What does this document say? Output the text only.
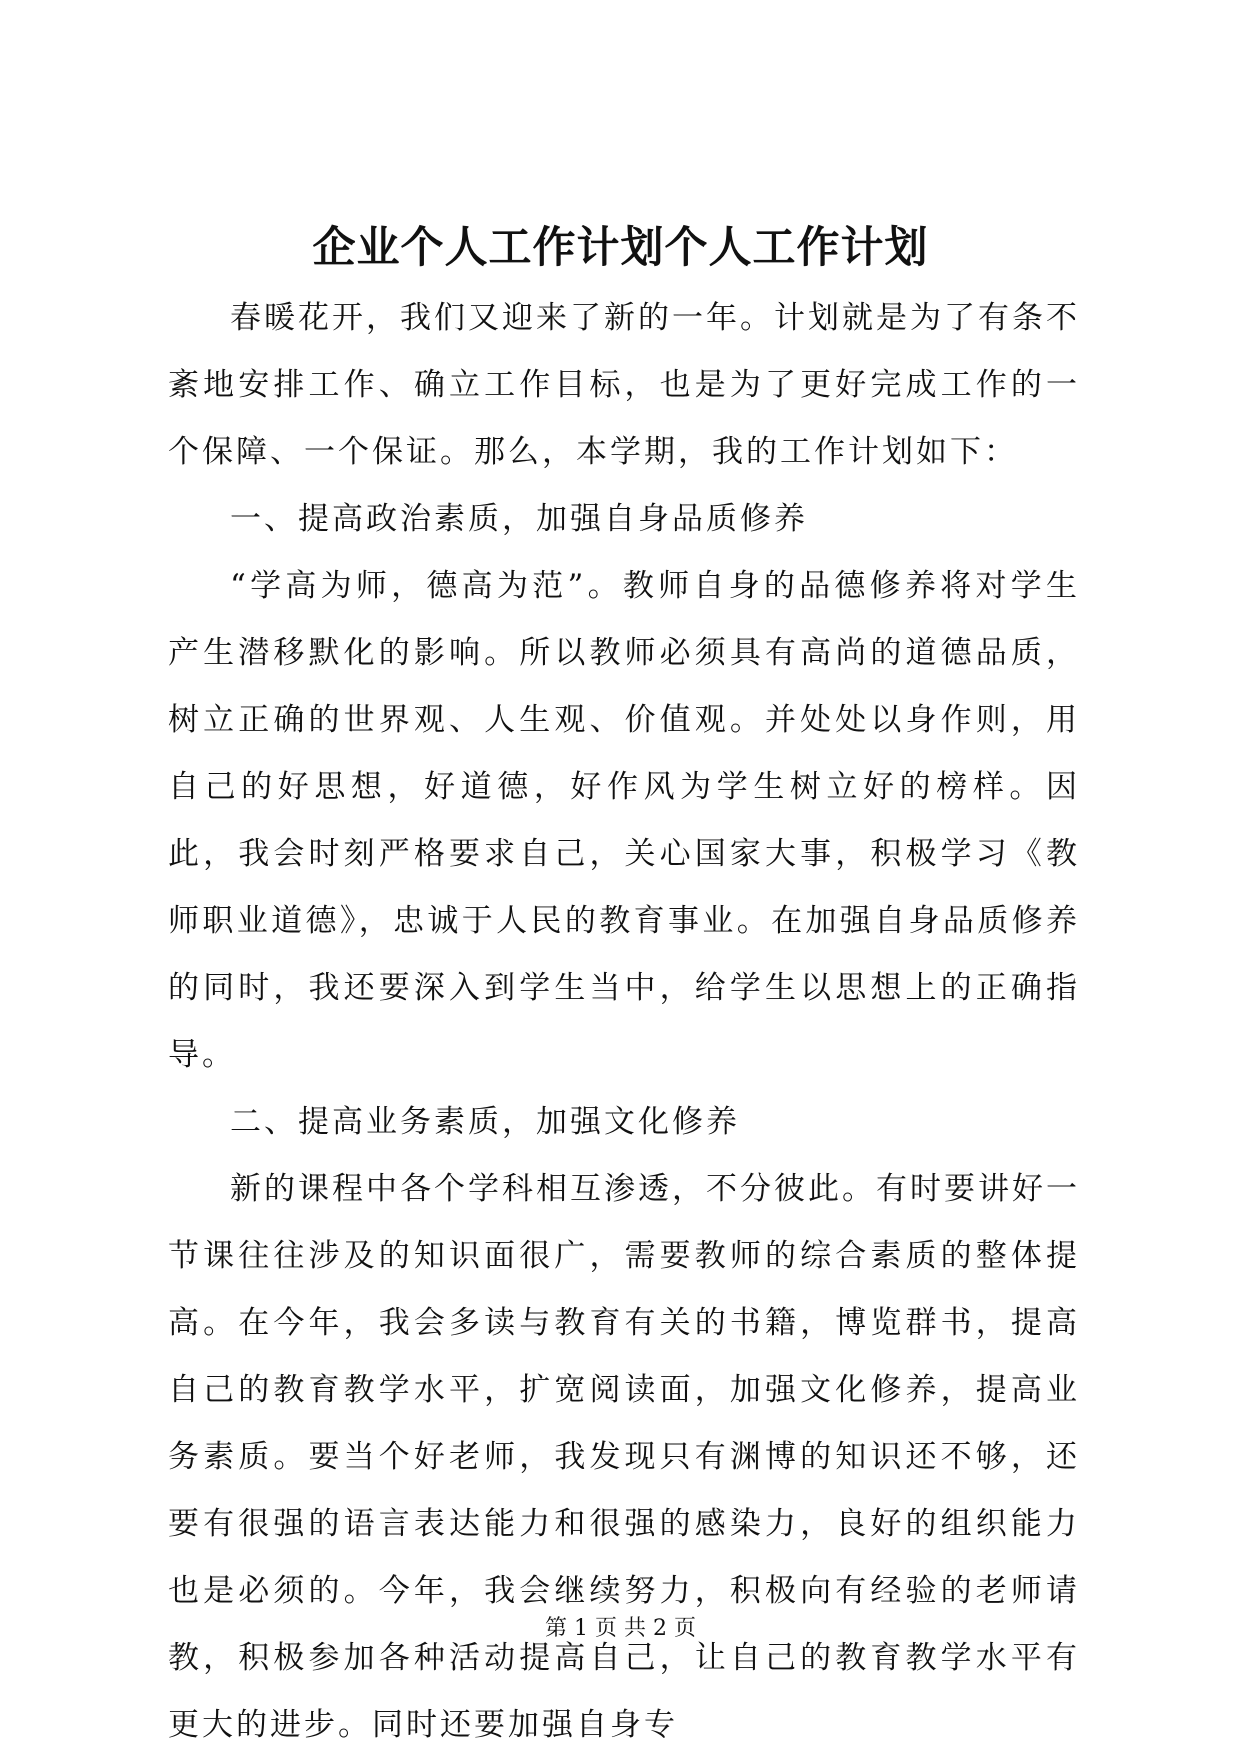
企业个人工作计划个人工作计划

春暖花开，我们又迎来了新的一年。计划就是为了有条不紊地安排工作、确立工作目标，也是为了更好完成工作的一个保障、一个保证。那么，本学期，我的工作计划如下：

一、提高政治素质，加强自身品质修养

“学高为师，德高为范”。教师自身的品德修养将对学生产生潜移默化的影响。所以教师必须具有高尚的道德品质，树立正确的世界观、人生观、价值观。并处处以身作则，用自己的好思想，好道德，好作风为学生树立好的榜样。因此，我会时刻严格要求自己，关心国家大事，积极学习《教师职业道德》，忠诚于人民的教育事业。在加强自身品质修养的同时，我还要深入到学生当中，给学生以思想上的正确指导。

二、提高业务素质，加强文化修养

新的课程中各个学科相互渗透，不分彼此。有时要讲好一节课往往涉及的知识面很广，需要教师的综合素质的整体提高。在今年，我会多读与教育有关的书籍，博览群书，提高自己的教育教学水平，扩宽阅读面，加强文化修养，提高业务素质。要当个好老师，我发现只有渊博的知识还不够，还要有很强的语言表达能力和很强的感染力，良好的组织能力也是必须的。今年，我会继续努力，积极向有经验的老师请教，积极参加各种活动提高自己，让自己的教育教学水平有更大的进步。同时还要加强自身专

第 1 页 共 2 页
